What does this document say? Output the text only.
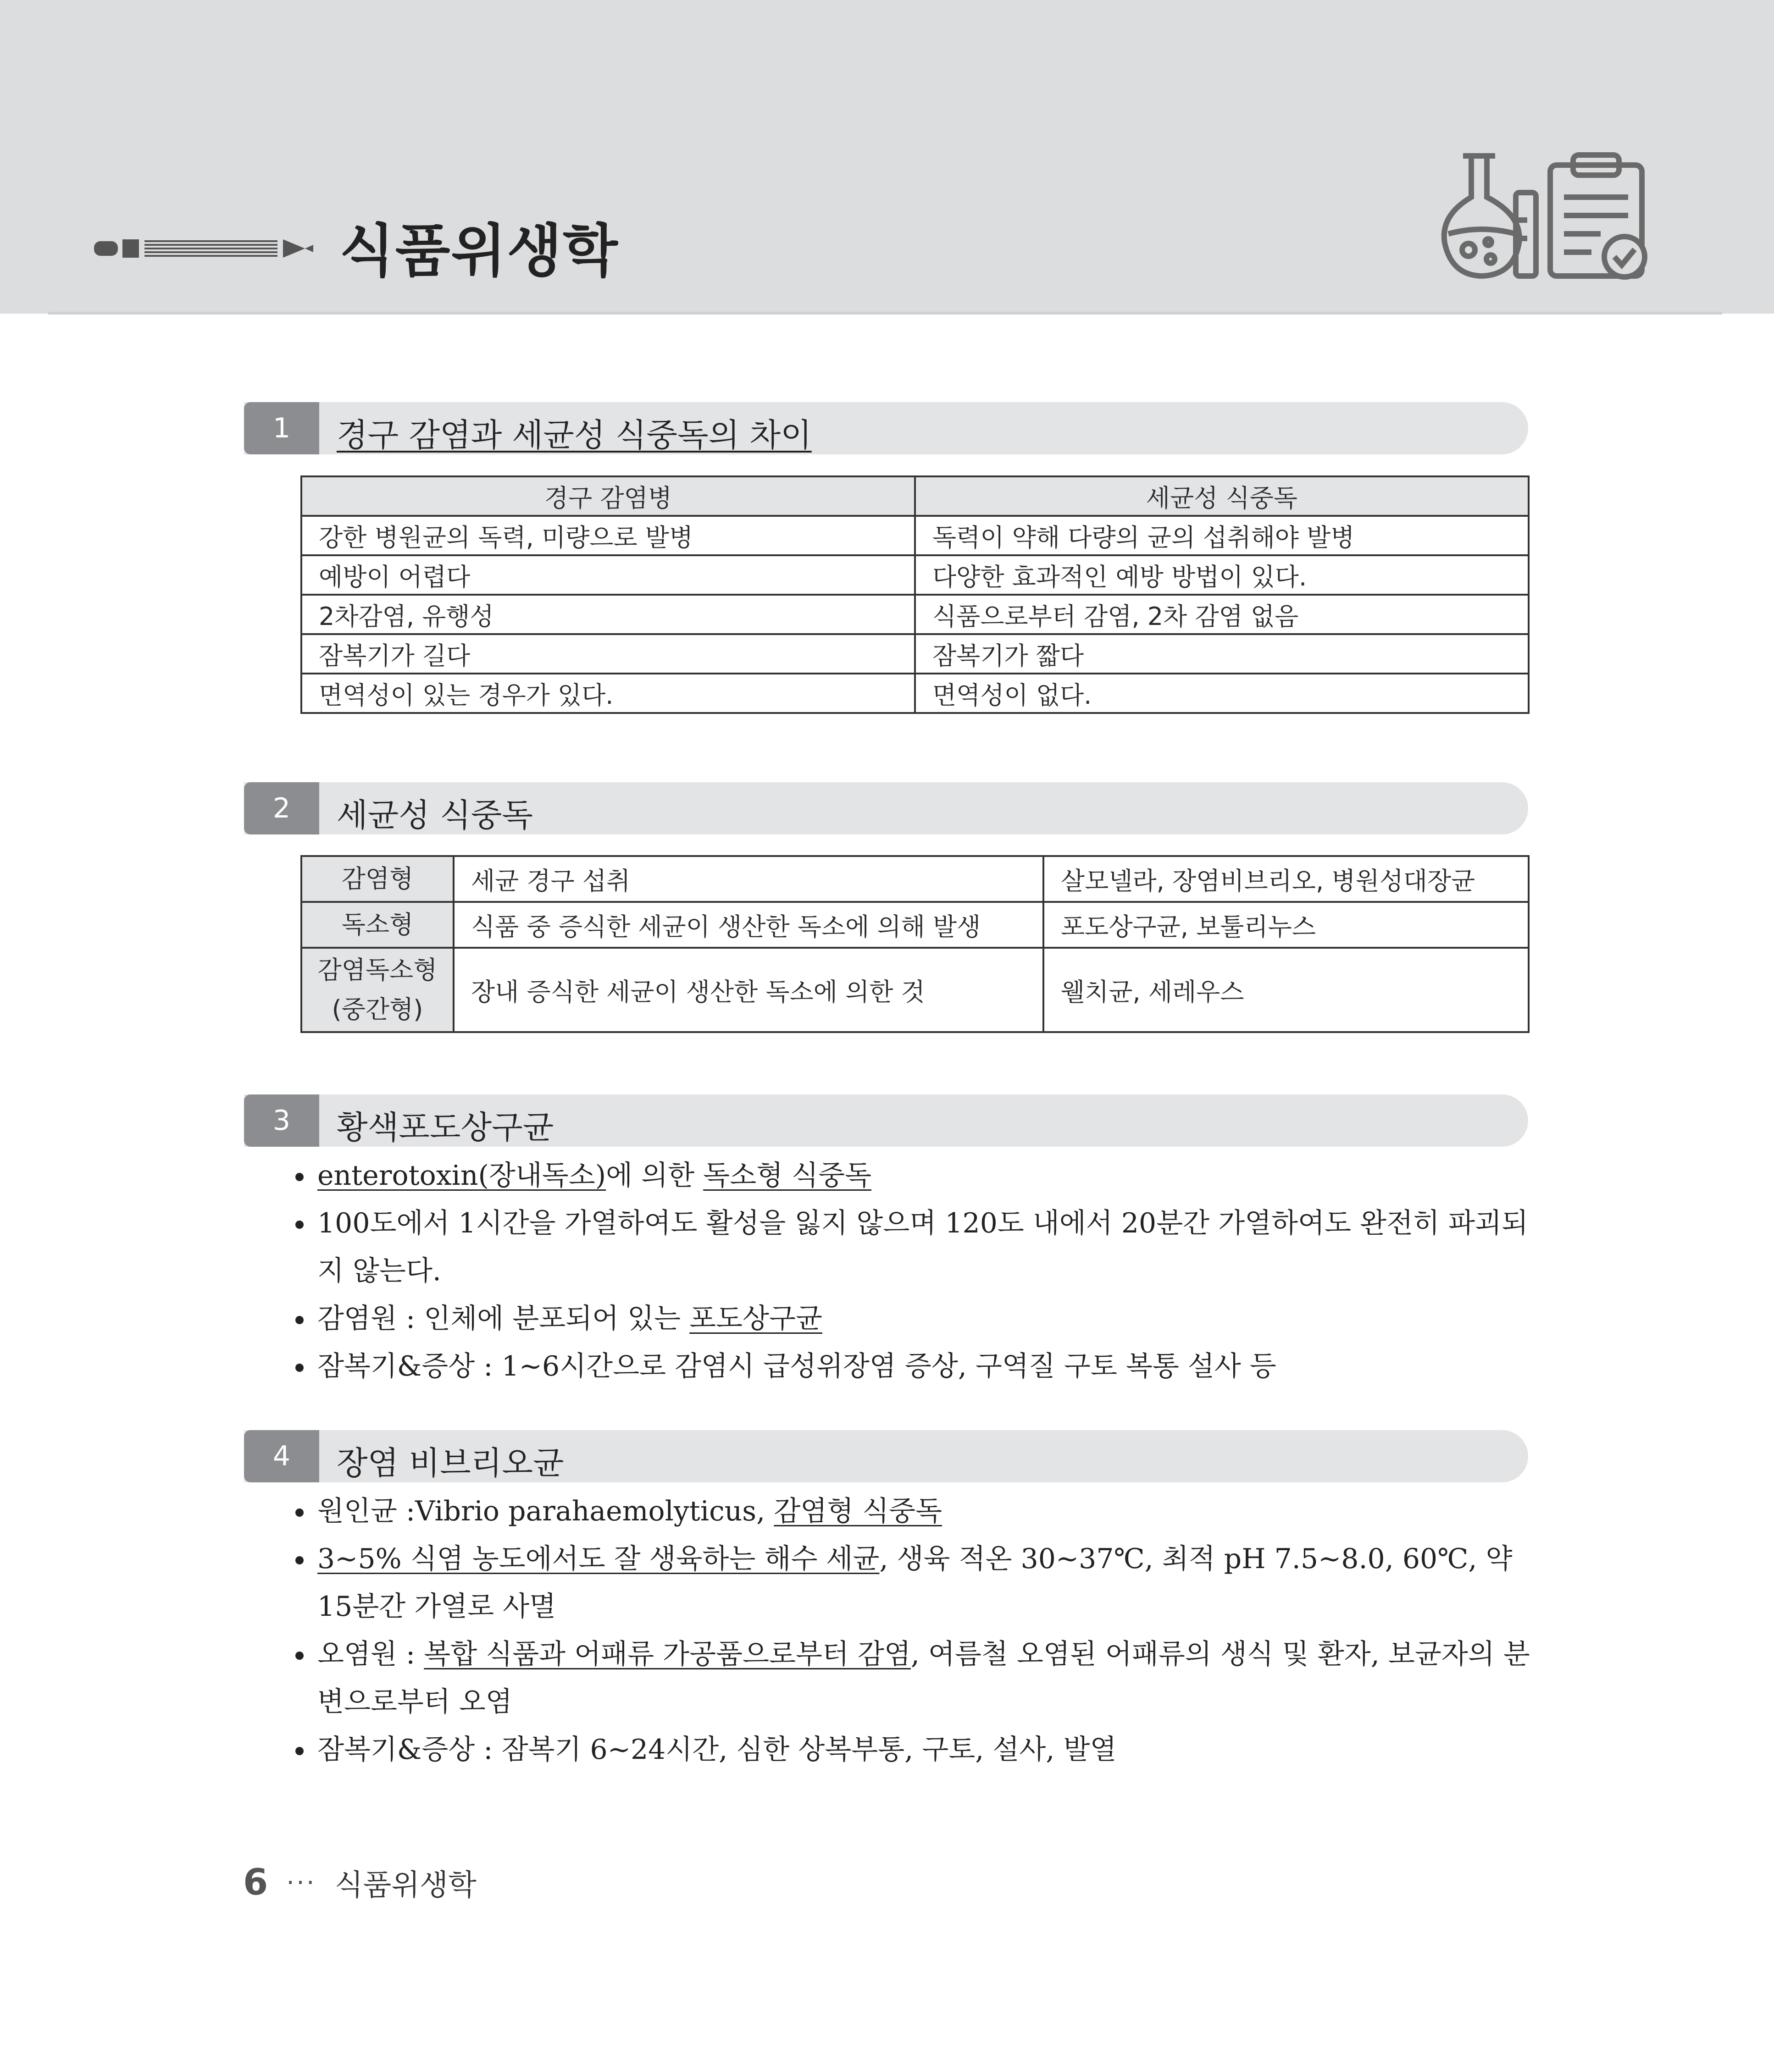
식품위생학
1	경구 감염과 세균성 식중독의 차이
경구 감염병	세균성 식중독
강한 병원균의 독력, 미량으로 발병	독력이 약해 다량의 균의 섭취해야 발병
예방이 어렵다	다양한 효과적인 예방 방법이 있다.
2차감염, 유행성	식품으로부터 감염, 2차 감염 없음
잠복기가 길다	잠복기가 짧다
면역성이 있는 경우가 있다.	면역성이 없다.
2	세균성 식중독
감염형	세균 경구 섭취	살모넬라, 장염비브리오, 병원성대장균
독소형	식품 중 증식한 세균이 생산한 독소에 의해 발생	포도상구균, 보툴리누스
감염독소형 (중간형)	장내 증식한 세균이 생산한 독소에 의한 것	웰치균, 세레우스
3	황색포도상구균
enterotoxin(장내독소)에 의한 독소형 식중독
100도에서 1시간을 가열하여도 활성을 잃지 않으며 120도 내에서 20분간 가열하여도 완전히 파괴되지 않는다.
감염원 : 인체에 분포되어 있는 포도상구균
잠복기&증상 : 1~6시간으로 감염시 급성위장염 증상, 구역질 구토 복통 설사 등
4	장염 비브리오균
원인균 :Vibrio parahaemolyticus, 감염형 식중독
3~5% 식염 농도에서도 잘 생육하는 해수 세균, 생육 적온 30~37℃, 최적 pH 7.5~8.0, 60℃, 약 15분간 가열로 사멸
오염원 : 복합 식품과 어패류 가공품으로부터 감염, 여름철 오염된 어패류의 생식 및 환자, 보균자의 분변으로부터 오염
잠복기&증상 : 잠복기 6~24시간, 심한 상복부통, 구토, 설사, 발열
6 ··· 식품위생학
